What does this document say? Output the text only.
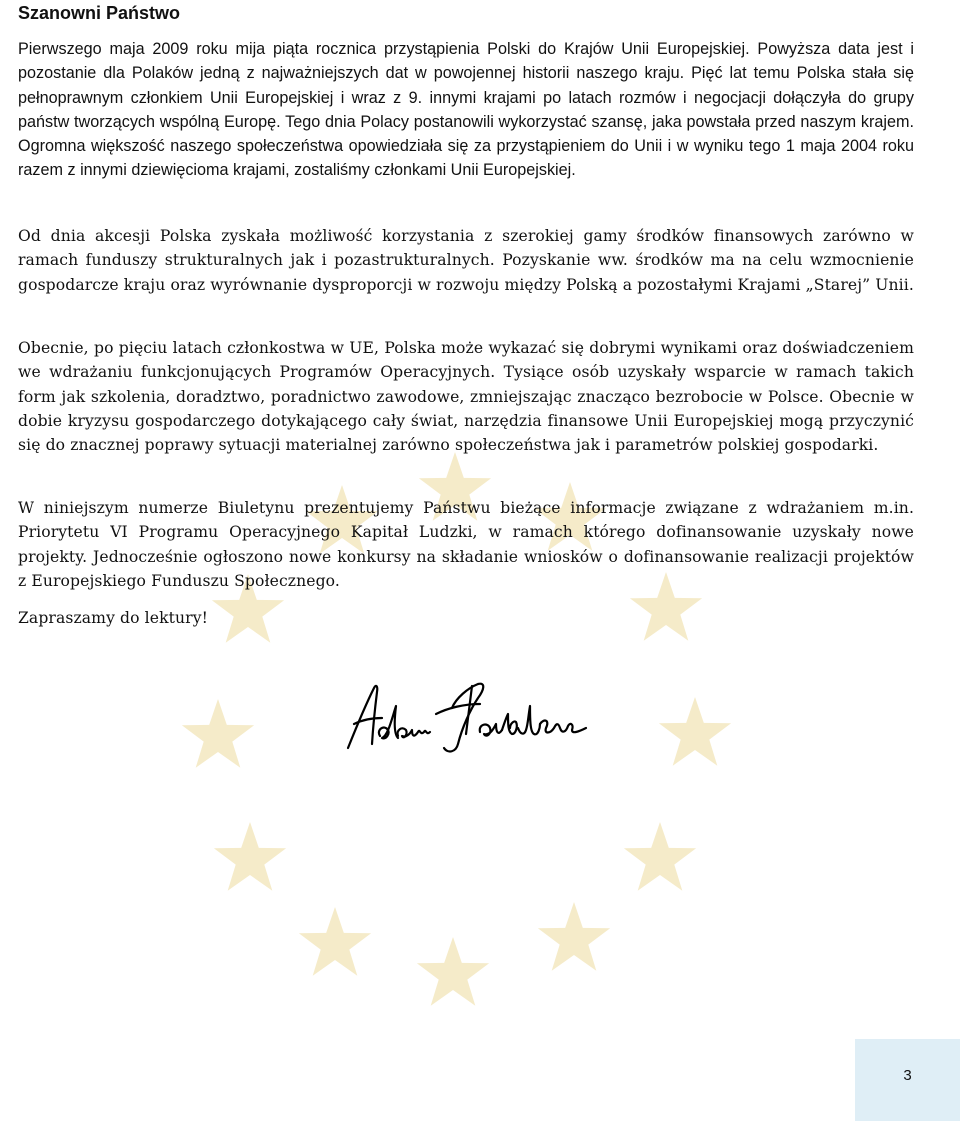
Szanowni Państwo

Pierwszego maja 2009 roku mija piąta rocznica przystąpienia Polski do Krajów Unii Europejskiej. Powyższa data jest i pozostanie dla Polaków jedną z najważniejszych dat w powojennej historii naszego kraju. Pięć lat temu Polska stała się pełnoprawnym członkiem Unii Europejskiej i wraz z 9. innymi krajami po latach rozmów i negocjacji dołączyła do grupy państw tworzących wspólną Europę. Tego dnia Polacy postanowili wykorzystać szansę, jaka powstała przed naszym krajem. Ogromna większość naszego społeczeństwa opowiedziała się za przystąpieniem do Unii i w wyniku tego 1 maja 2004 roku razem z innymi dziewięcioma krajami, zostaliśmy członkami Unii Europejskiej.

Od dnia akcesji Polska zyskała możliwość korzystania z szerokiej gamy środków finansowych zarówno w ramach funduszy strukturalnych jak i pozastrukturalnych. Pozyskanie ww. środków ma na celu wzmocnienie gospodarcze kraju oraz wyrównanie dysproporcji w rozwoju między Polską a pozostałymi Krajami „Starej” Unii.

Obecnie, po pięciu latach członkostwa w UE, Polska może wykazać się dobrymi wynikami oraz doświadczeniem we wdrażaniu funkcjonujących Programów Operacyjnych. Tysiące osób uzyskały wsparcie w ramach takich form jak szkolenia, doradztwo, poradnictwo zawodowe, zmniejszając znacząco bezrobocie w Polsce. Obecnie w dobie kryzysu gospodarczego dotykającego cały świat, narzędzia finansowe Unii Europejskiej mogą przyczynić się do znacznej poprawy sytuacji materialnej zarówno społeczeństwa jak i parametrów polskiej gospodarki.

W niniejszym numerze Biuletynu prezentujemy Państwu bieżące informacje związane z wdrażaniem m.in. Priorytetu VI Programu Operacyjnego Kapitał Ludzki, w ramach którego dofinansowanie uzyskały nowe projekty. Jednocześnie ogłoszono nowe konkursy na składanie wniosków o dofinansowanie realizacji projektów z Europejskiego Funduszu Społecznego.

Zapraszamy do lektury!

3
